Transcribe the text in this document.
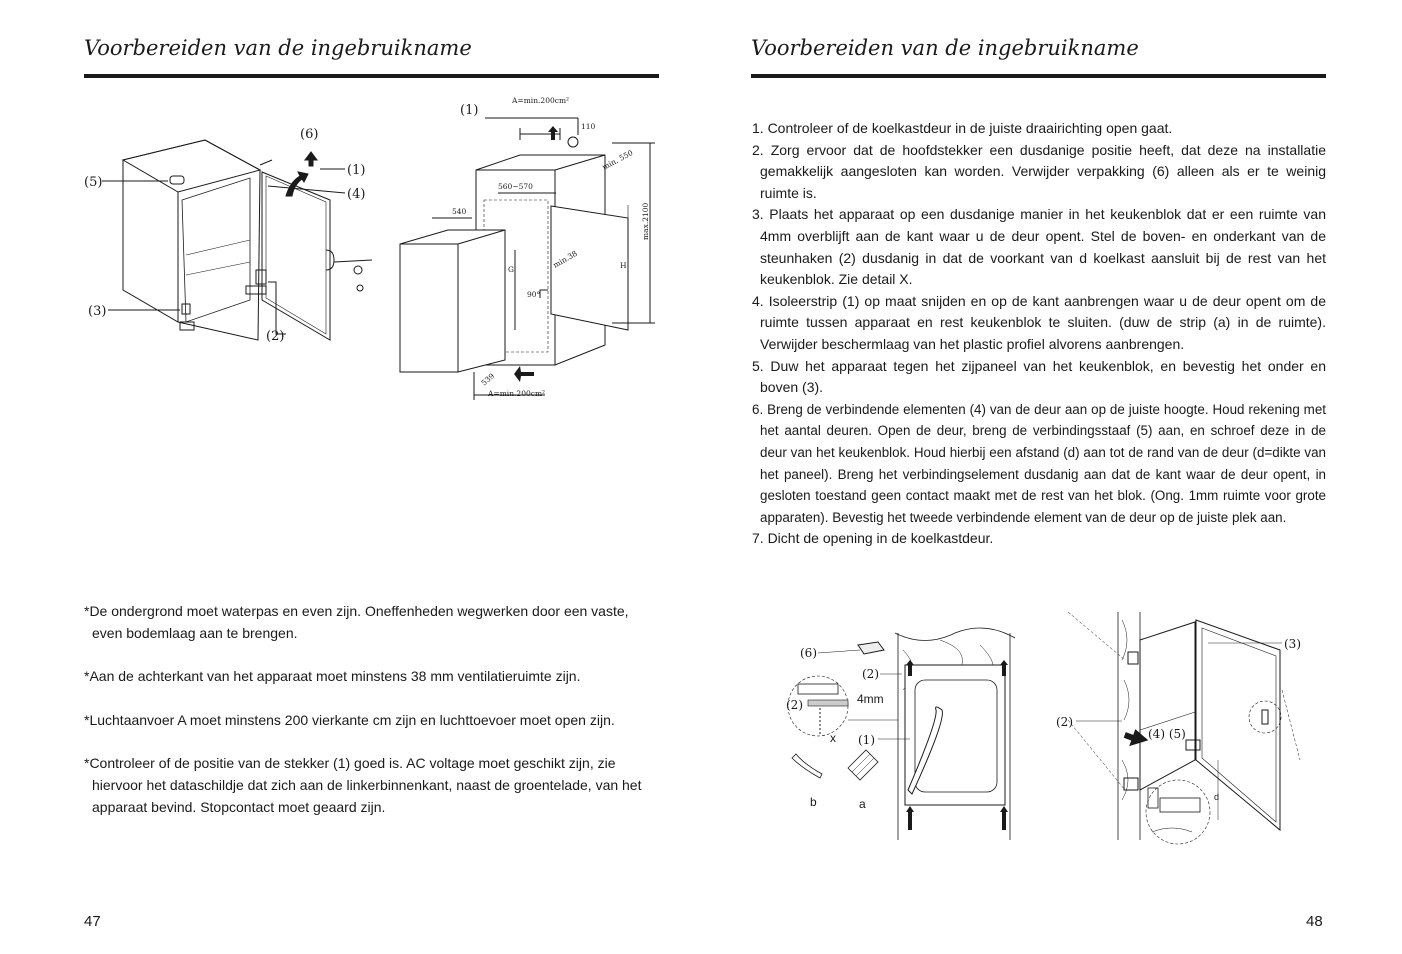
Voorbereiden van de ingebruikname
(5)
(6)
(1)
(4)
(3)
(2)
(1)
A=min.200cm²
110
min. 550
560~570
540	max.2100
min.38	H
G
90°
539
A=min.200cm²

*De ondergrond moet waterpas en even zijn. Oneffenheden wegwerken door een vaste, even bodemlaag aan te brengen.

*Aan de achterkant van het apparaat moet minstens 38 mm ventilatieruimte zijn.

*Luchtaanvoer A moet minstens 200 vierkante cm zijn en luchttoevoer moet open zijn.

*Controleer of de positie van de stekker (1) goed is. AC voltage moet geschikt zijn, zie hiervoor het dataschildje dat zich aan de linkerbinnenkant, naast de groentelade, van het apparaat bevind. Stopcontact moet geaard zijn.

47
Voorbereiden van de ingebruikname
1. Controleer of de koelkastdeur in de juiste draairichting open gaat.
2. Zorg ervoor dat de hoofdstekker een dusdanige positie heeft, dat deze na installatie gemakkelijk aangesloten kan worden. Verwijder verpakking (6) alleen als er te weinig ruimte is.
3. Plaats het apparaat op een dusdanige manier in het keukenblok dat er een ruimte van 4mm overblijft aan de kant waar u de deur opent. Stel de boven- en onderkant van de steunhaken (2) dusdanig in dat de voorkant van d koelkast aansluit bij de rest van het keukenblok. Zie detail X.
4. Isoleerstrip (1) op maat snijden en op de kant aanbrengen waar u de deur opent om de ruimte tussen apparaat en rest keukenblok te sluiten. (duw de strip (a) in de ruimte). Verwijder beschermlaag van het plastic profiel alvorens aanbrengen.
5. Duw het apparaat tegen het zijpaneel van het keukenblok, en bevestig het onder en boven (3).
6. Breng de verbindende elementen (4) van de deur aan op de juiste hoogte. Houd rekening met het aantal deuren. Open de deur, breng de verbindingsstaaf (5) aan, en schroef deze in de deur van het keukenblok. Houd hierbij een afstand (d) aan tot de rand van de deur (d=dikte van het paneel). Breng het verbindingselement dusdanig aan dat de kant waar de deur opent, in gesloten toestand geen contact maakt met de rest van het blok. (Ong. 1mm ruimte voor grote apparaten). Bevestig het tweede verbindende element van de deur op de juiste plek aan.
7. Dicht de opening in de koelkastdeur.
(6)
(2)
(2)	4mm
x (1)
b	a
(3)
(2)
(4) (5)
d
48
